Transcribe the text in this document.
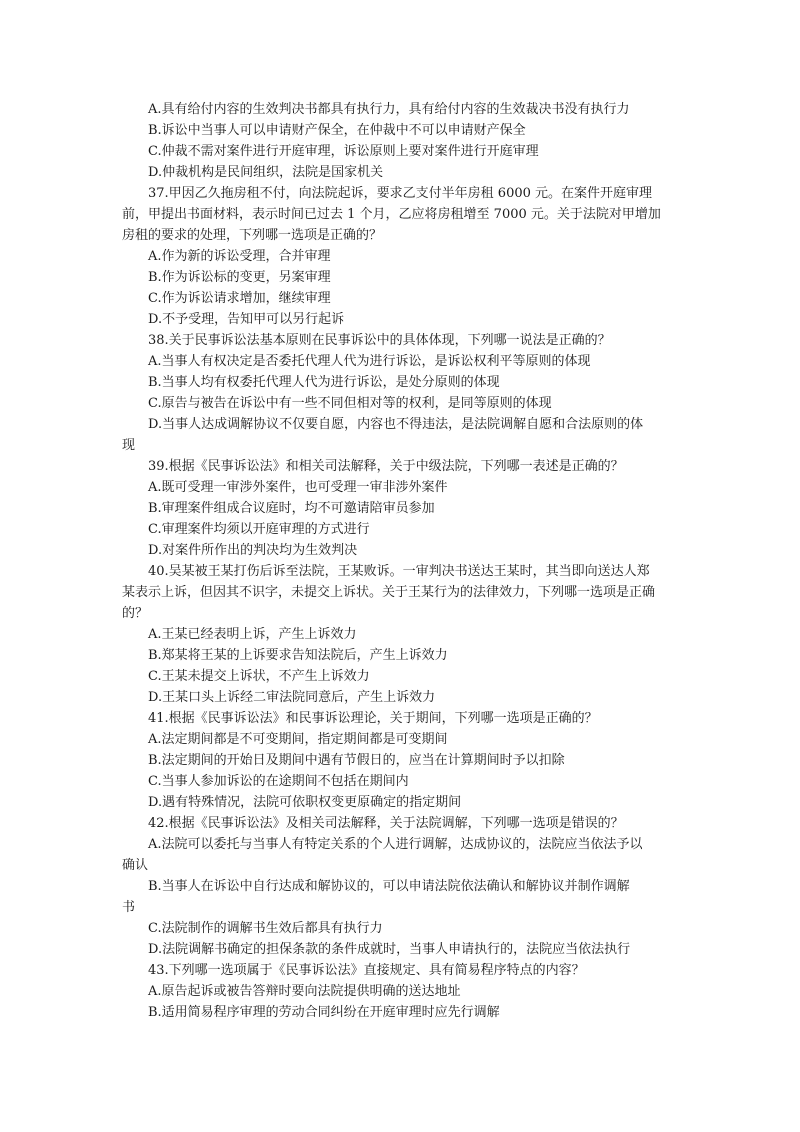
A.具有给付内容的生效判决书都具有执行力，具有给付内容的生效裁决书没有执行力

B.诉讼中当事人可以申请财产保全，在仲裁中不可以申请财产保全

C.仲裁不需对案件进行开庭审理，诉讼原则上要对案件进行开庭审理

D.仲裁机构是民间组织，法院是国家机关

37.甲因乙久拖房租不付，向法院起诉，要求乙支付半年房租 6000 元。在案件开庭审理

前，甲提出书面材料，表示时间已过去 1 个月，乙应将房租增至 7000 元。关于法院对甲增加

房租的要求的处理，下列哪一选项是正确的？

A.作为新的诉讼受理，合并审理

B.作为诉讼标的变更，另案审理

C.作为诉讼请求增加，继续审理

D.不予受理，告知甲可以另行起诉

38.关于民事诉讼法基本原则在民事诉讼中的具体体现，下列哪一说法是正确的？

A.当事人有权决定是否委托代理人代为进行诉讼，是诉讼权利平等原则的体现

B.当事人均有权委托代理人代为进行诉讼，是处分原则的体现

C.原告与被告在诉讼中有一些不同但相对等的权利，是同等原则的体现

D.当事人达成调解协议不仅要自愿，内容也不得违法，是法院调解自愿和合法原则的体

现

39.根据《民事诉讼法》和相关司法解释，关于中级法院，下列哪一表述是正确的？

A.既可受理一审涉外案件，也可受理一审非涉外案件

B.审理案件组成合议庭时，均不可邀请陪审员参加

C.审理案件均须以开庭审理的方式进行

D.对案件所作出的判决均为生效判决

40.吴某被王某打伤后诉至法院，王某败诉。一审判决书送达王某时，其当即向送达人郑

某表示上诉，但因其不识字，未提交上诉状。关于王某行为的法律效力，下列哪一选项是正确

的？

A.王某已经表明上诉，产生上诉效力

B.郑某将王某的上诉要求告知法院后，产生上诉效力

C.王某未提交上诉状，不产生上诉效力

D.王某口头上诉经二审法院同意后，产生上诉效力

41.根据《民事诉讼法》和民事诉讼理论，关于期间，下列哪一选项是正确的？

A.法定期间都是不可变期间，指定期间都是可变期间

B.法定期间的开始日及期间中遇有节假日的，应当在计算期间时予以扣除

C.当事人参加诉讼的在途期间不包括在期间内

D.遇有特殊情况，法院可依职权变更原确定的指定期间

42.根据《民事诉讼法》及相关司法解释，关于法院调解，下列哪一选项是错误的？

A.法院可以委托与当事人有特定关系的个人进行调解，达成协议的，法院应当依法予以

确认

B.当事人在诉讼中自行达成和解协议的，可以申请法院依法确认和解协议并制作调解

书

C.法院制作的调解书生效后都具有执行力

D.法院调解书确定的担保条款的条件成就时，当事人申请执行的，法院应当依法执行

43.下列哪一选项属于《民事诉讼法》直接规定、具有简易程序特点的内容？

A.原告起诉或被告答辩时要向法院提供明确的送达地址

B.适用简易程序审理的劳动合同纠纷在开庭审理时应先行调解
